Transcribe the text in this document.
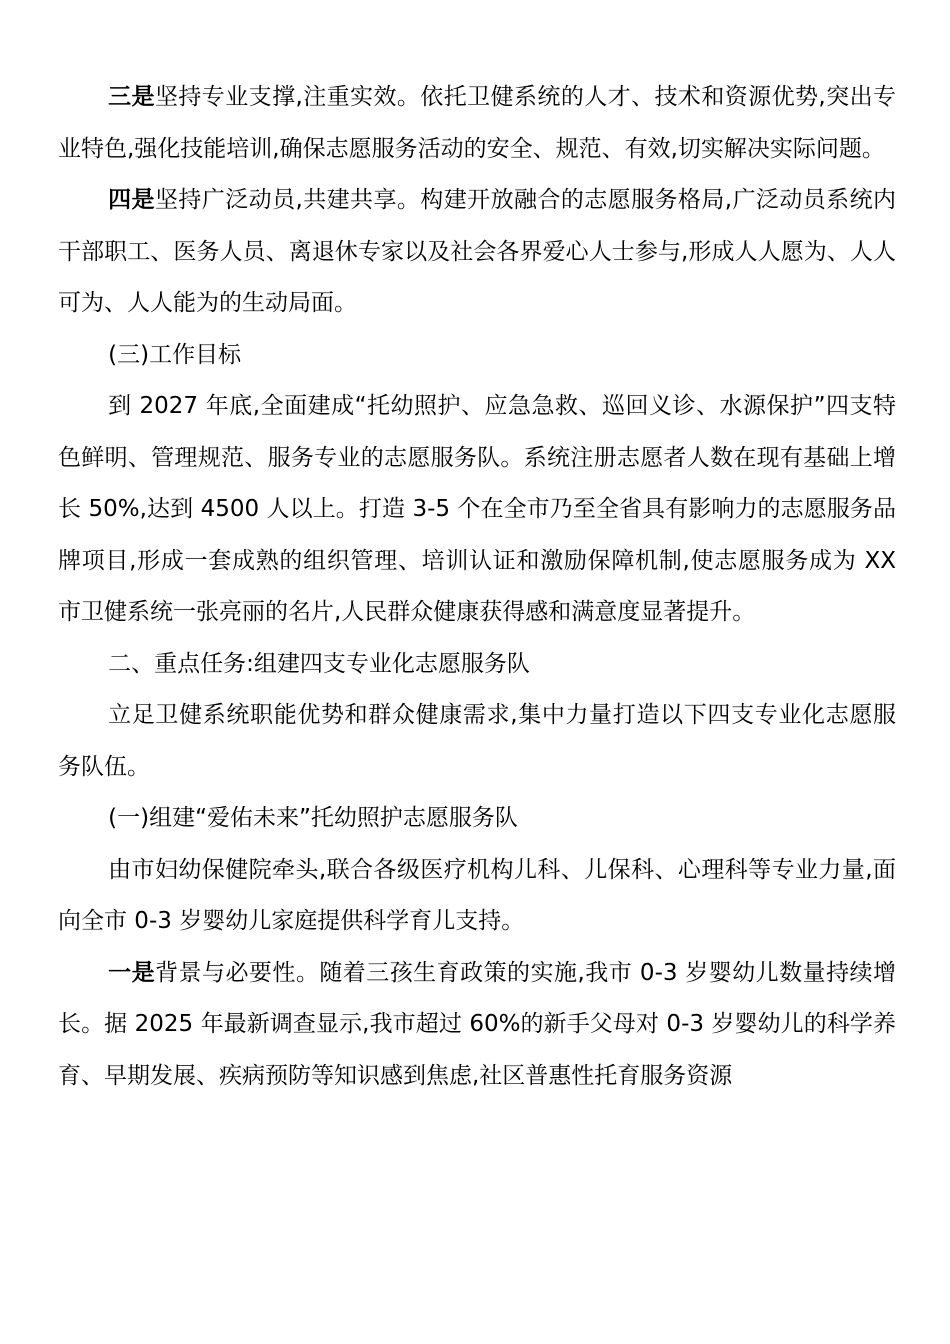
三是坚持专业支撑,注重实效。依托卫健系统的人才、技术和资源优势,突出专业特色,强化技能培训,确保志愿服务活动的安全、规范、有效,切实解决实际问题。

四是坚持广泛动员,共建共享。构建开放融合的志愿服务格局,广泛动员系统内干部职工、医务人员、离退休专家以及社会各界爱心人士参与,形成人人愿为、人人可为、人人能为的生动局面。

(三)工作目标

到 2027 年底,全面建成“托幼照护、应急急救、巡回义诊、水源保护”四支特色鲜明、管理规范、服务专业的志愿服务队。系统注册志愿者人数在现有基础上增长 50%,达到 4500 人以上。打造 3-5 个在全市乃至全省具有影响力的志愿服务品牌项目,形成一套成熟的组织管理、培训认证和激励保障机制,使志愿服务成为 XX 市卫健系统一张亮丽的名片,人民群众健康获得感和满意度显著提升。

二、重点任务:组建四支专业化志愿服务队

立足卫健系统职能优势和群众健康需求,集中力量打造以下四支专业化志愿服务队伍。

(一)组建“爱佑未来”托幼照护志愿服务队

由市妇幼保健院牵头,联合各级医疗机构儿科、儿保科、心理科等专业力量,面向全市 0-3 岁婴幼儿家庭提供科学育儿支持。

一是背景与必要性。随着三孩生育政策的实施,我市 0-3 岁婴幼儿数量持续增长。据 2025 年最新调查显示,我市超过 60%的新手父母对 0-3 岁婴幼儿的科学养育、早期发展、疾病预防等知识感到焦虑,社区普惠性托育服务资源
